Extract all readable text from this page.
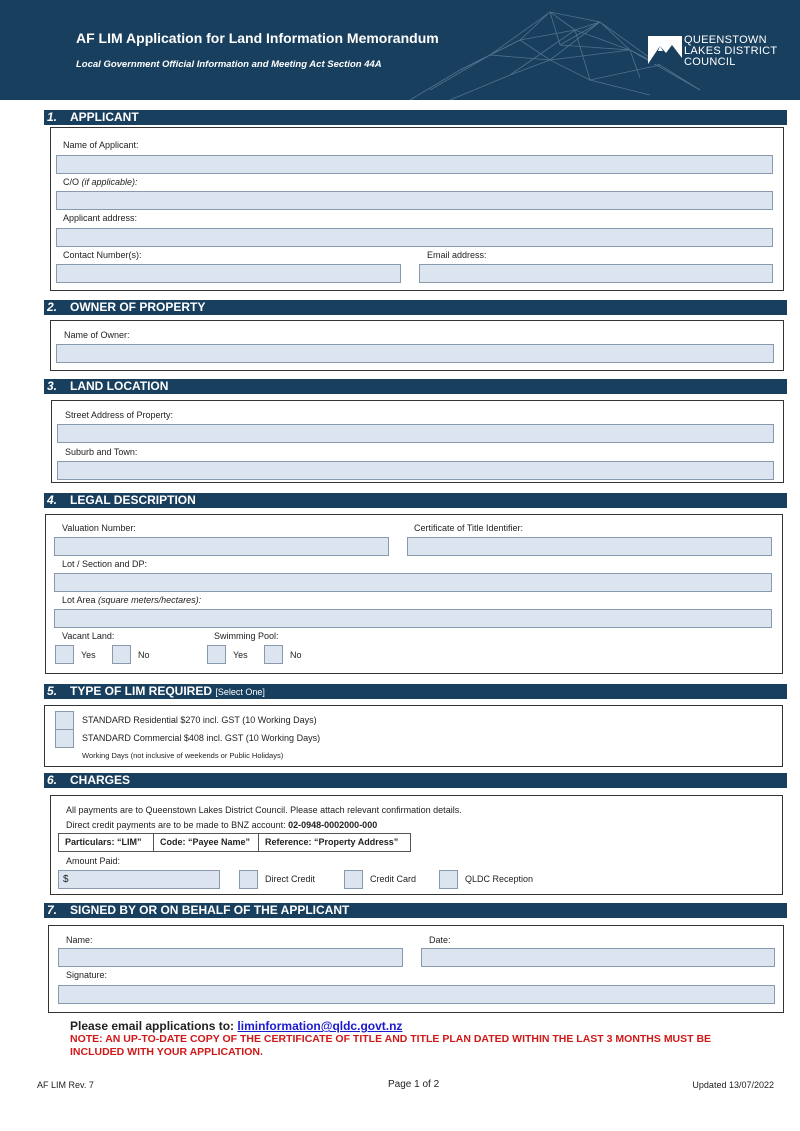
AF LIM Application for Land Information Memorandum
Local Government Official Information and Meeting Act Section 44A
QUEENSTOWN
LAKES DISTRICT
COUNCIL
1. APPLICANT
Name of Applicant:
C/O (if applicable):
Applicant address:
Contact Number(s):	Email address:
2. OWNER OF PROPERTY
Name of Owner:
3. LAND LOCATION
Street Address of Property:
Suburb and Town:
4. LEGAL DESCRIPTION
Valuation Number:	Certificate of Title Identifier:
Lot / Section and DP:
Lot Area (square meters/hectares):
Vacant Land:	Swimming Pool:
Yes	No	Yes	No
5. TYPE OF LIM REQUIRED [Select One]
STANDARD Residential $270 incl. GST (10 Working Days)
STANDARD Commercial $408 incl. GST (10 Working Days)
Working Days (not inclusive of weekends or Public Holidays)
6. CHARGES
All payments are to Queenstown Lakes District Council. Please attach relevant confirmation details.
Direct credit payments are to be made to BNZ account: 02-0948-0002000-000
Particulars: “LIM”	Code: “Payee Name”	Reference: “Property Address”
Amount Paid:
$	Direct Credit	Credit Card	QLDC Reception
7. SIGNED BY OR ON BEHALF OF THE APPLICANT
Name:	Date:
Signature:
Please email applications to: liminformation@qldc.govt.nz
NOTE: AN UP-TO-DATE COPY OF THE CERTIFICATE OF TITLE AND TITLE PLAN DATED WITHIN THE LAST 3 MONTHS MUST BE INCLUDED WITH YOUR APPLICATION.
AF LIM Rev. 7	Page 1 of 2	Updated 13/07/2022
